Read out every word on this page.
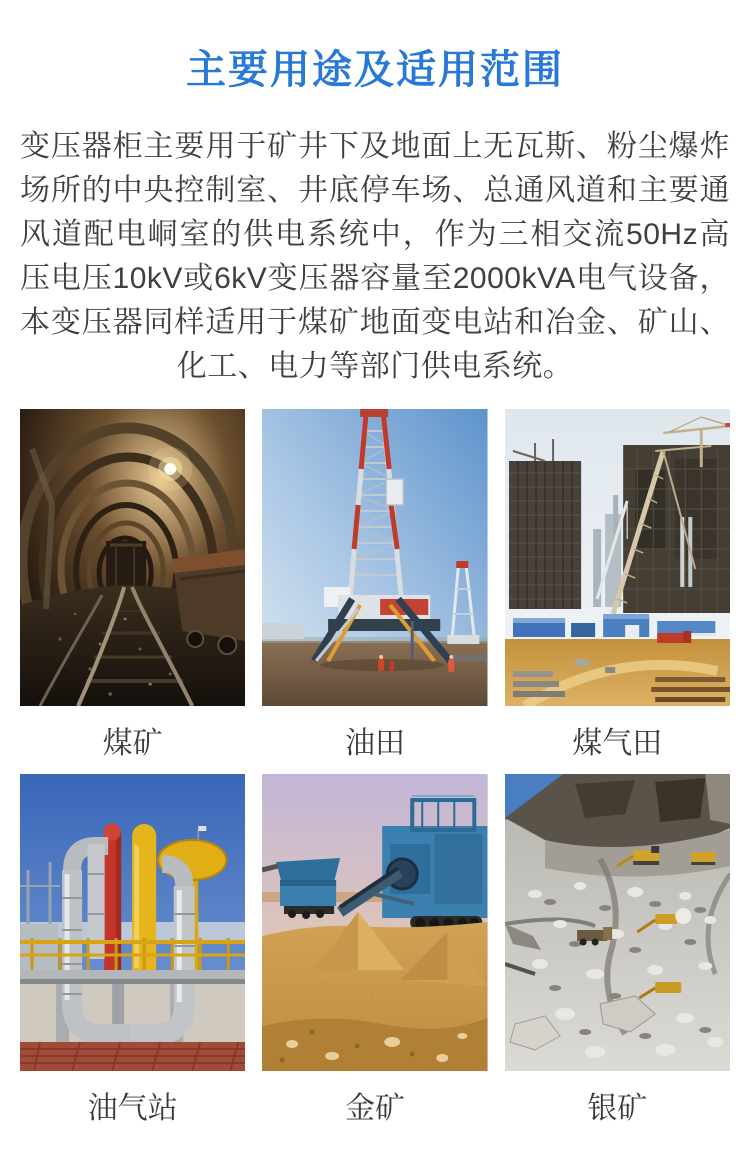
主要用途及适用范围

变压器柜主要用于矿井下及地面上无瓦斯、粉尘爆炸场所的中央控制室、井底停车场、总通风道和主要通风道配电峒室的供电系统中，作为三相交流50Hz高压电压10kV或6kV变压器容量至2000kVA电气设备，本变压器同样适用于煤矿地面变电站和冶金、矿山、化工、电力等部门供电系统。

煤矿	油田	煤气田
油气站	金矿	银矿
